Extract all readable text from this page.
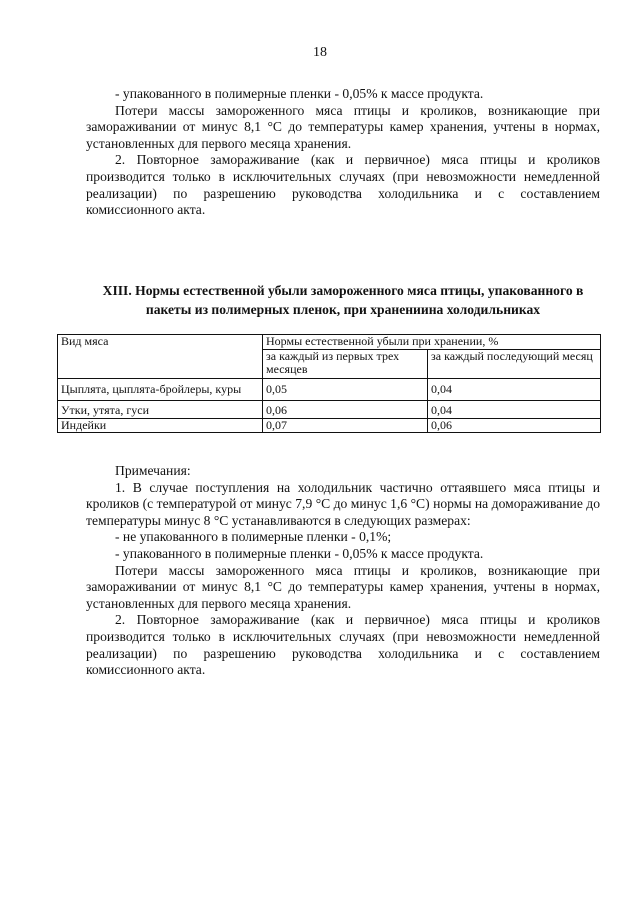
18

- упакованного в полимерные пленки - 0,05% к массе продукта.

Потери массы замороженного мяса птицы и кроликов, возникающие при замораживании от минус 8,1 °С до температуры камер хранения, учтены в нормах, установленных для первого месяца хранения.

2. Повторное замораживание (как и первичное) мяса птицы и кроликов производится только в исключительных случаях (при невозможности немедленной реализации) по разрешению руководства холодильника и с составлением комиссионного акта.

XIII. Нормы естественной убыли замороженного мяса птицы, упакованного в
пакеты из полимерных пленок, при хранениина холодильниках
Вид мяса	Нормы естественной убыли при хранении, %	
	за каждый из первых трех месяцев	за каждый последующий месяц
Цыплята, цыплята-бройлеры, куры	0,05	0,04
Утки, утята, гуси	0,06	0,04
Индейки	0,07	0,06

Примечания:

1. В случае поступления на холодильник частично оттаявшего мяса птицы и кроликов (с температурой от минус 7,9 °С до минус 1,6 °С) нормы на домораживание до температуры минус 8 °С устанавливаются в следующих размерах:

- не упакованного в полимерные пленки - 0,1%;

- упакованного в полимерные пленки - 0,05% к массе продукта.

Потери массы замороженного мяса птицы и кроликов, возникающие при замораживании от минус 8,1 °С до температуры камер хранения, учтены в нормах, установленных для первого месяца хранения.

2. Повторное замораживание (как и первичное) мяса птицы и кроликов производится только в исключительных случаях (при невозможности немедленной реализации) по разрешению руководства холодильника и с составлением комиссионного акта.
